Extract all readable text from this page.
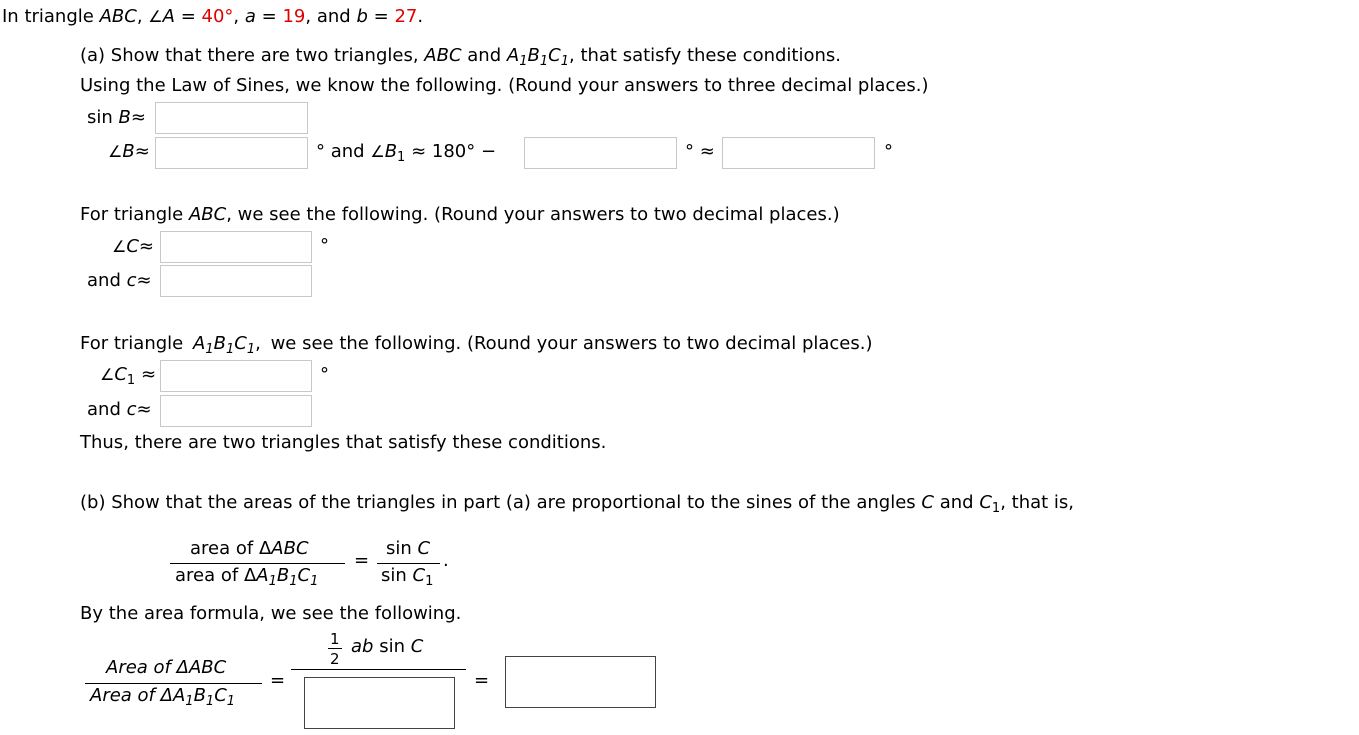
In triangle ABC, ∠A = 40°, a = 19, and b = 27.
(a) Show that there are two triangles, ABC and $A_1B_1C_1$, that satisfy these conditions.
Using the Law of Sines, we know the following. (Round your answers to three decimal places.)
sin B≈
∠B≈	° and $\angle B_1 \approx 180^\circ$ −	° ≈	°
For triangle ABC, we see the following. (Round your answers to two decimal places.)
∠C≈	°
and c≈
For triangle $A_1B_1C_1$, we see the following. (Round your answers to two decimal places.)
$\angle C_1$ ≈	°
and c≈
Thus, there are two triangles that satisfy these conditions.
(b) Show that the areas of the triangles in part (a) are proportional to the sines of the angles C and $C_1$, that is,
area of ΔABC
area of $\Delta A_1B_1C_1$
=
sin C
$\sin C_1$
.
By the area formula, we see the following.
Area of ΔABC
Area of $\Delta A_1B_1C_1$
=
1
2
ab sin C
=
